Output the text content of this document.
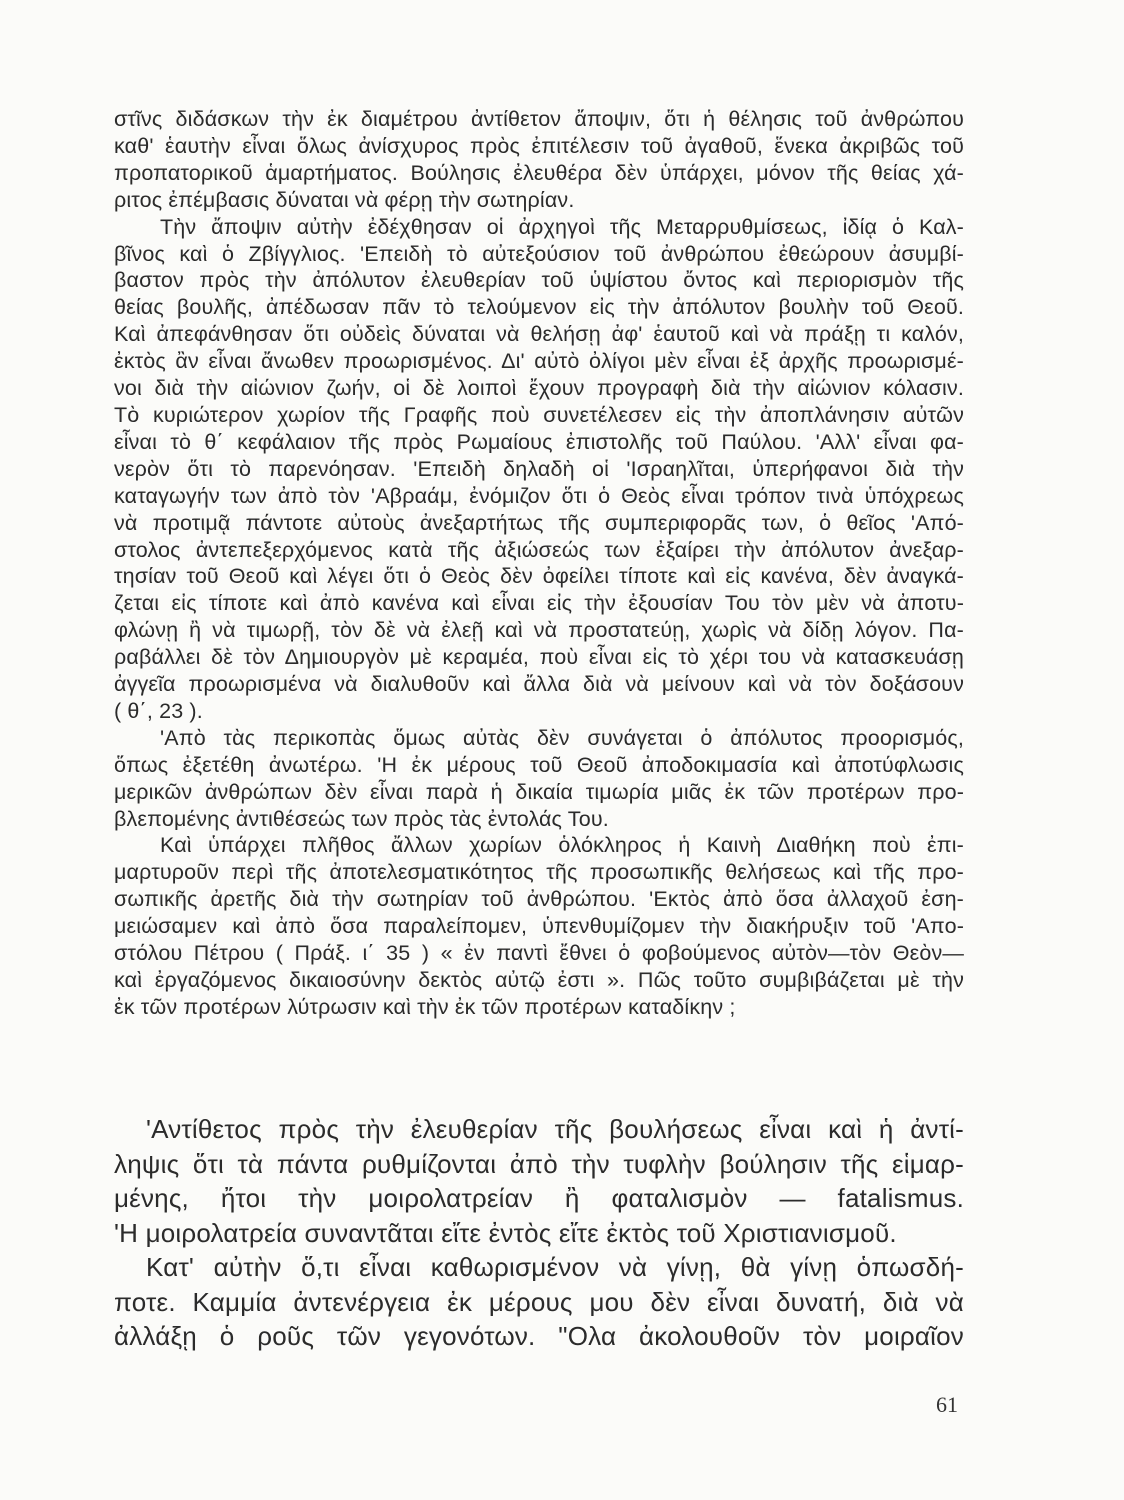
στῖνς διδάσκων τὴν ἐκ διαμέτρου ἀντίθετον ἄποψιν, ὅτι ἡ θέλησις τοῦ ἀνθρώπου
καθ' ἑαυτὴν εἶναι ὅλως ἀνίσχυρος πρὸς ἐπιτέλεσιν τοῦ ἀγαθοῦ, ἕνεκα ἀκριβῶς τοῦ
προπατορικοῦ ἁμαρτήματος. Βούλησις ἐλευθέρα δὲν ὑπάρχει, μόνον τῆς θείας χά-
ριτος ἐπέμβασις δύναται νὰ φέρῃ τὴν σωτηρίαν.
Τὴν ἄποψιν αὐτὴν ἐδέχθησαν οἱ ἀρχηγοὶ τῆς Μεταρρυθμίσεως, ἰδίᾳ ὁ Καλ-
βῖνος καὶ ὁ Ζβίγγλιος. 'Επειδὴ τὸ αὐτεξούσιον τοῦ ἀνθρώπου ἐθεώρουν ἀσυμβί-
βαστον πρὸς τὴν ἀπόλυτον ἐλευθερίαν τοῦ ὑψίστου ὄντος καὶ περιορισμὸν τῆς
θείας βουλῆς, ἀπέδωσαν πᾶν τὸ τελούμενον εἰς τὴν ἀπόλυτον βουλὴν τοῦ Θεοῦ.
Καὶ ἀπεφάνθησαν ὅτι οὐδεὶς δύναται νὰ θελήσῃ ἀφ' ἑαυτοῦ καὶ νὰ πράξῃ τι καλόν,
ἐκτὸς ἂν εἶναι ἄνωθεν προωρισμένος. Δι' αὐτὸ ὀλίγοι μὲν εἶναι ἐξ ἀρχῆς προωρισμέ-
νοι διὰ τὴν αἰώνιον ζωήν, οἱ δὲ λοιποὶ ἔχουν προγραφὴ διὰ τὴν αἰώνιον κόλασιν.
Τὸ κυριώτερον χωρίον τῆς Γραφῆς ποὺ συνετέλεσεν εἰς τὴν ἀποπλάνησιν αὐτῶν
εἶναι τὸ θ΄ κεφάλαιον τῆς πρὸς Ρωμαίους ἐπιστολῆς τοῦ Παύλου. 'Αλλ' εἶναι φα-
νερὸν ὅτι τὸ παρενόησαν. 'Επειδὴ δηλαδὴ οἱ 'Ισραηλῖται, ὑπερήφανοι διὰ τὴν
καταγωγήν των ἀπὸ τὸν 'Αβραάμ, ἐνόμιζον ὅτι ὁ Θεὸς εἶναι τρόπον τινὰ ὑπόχρεως
νὰ προτιμᾷ πάντοτε αὐτοὺς ἀνεξαρτήτως τῆς συμπεριφορᾶς των, ὁ θεῖος 'Από-
στολος ἀντεπεξερχόμενος κατὰ τῆς ἀξιώσεώς των ἐξαίρει τὴν ἀπόλυτον ἀνεξαρ-
τησίαν τοῦ Θεοῦ καὶ λέγει ὅτι ὁ Θεὸς δὲν ὀφείλει τίποτε καὶ εἰς κανένα, δὲν ἀναγκά-
ζεται εἰς τίποτε καὶ ἀπὸ κανένα καὶ εἶναι εἰς τὴν ἐξουσίαν Του τὸν μὲν νὰ ἀποτυ-
φλώνῃ ἢ νὰ τιμωρῇ, τὸν δὲ νὰ ἐλεῇ καὶ νὰ προστατεύῃ, χωρὶς νὰ δίδῃ λόγον. Πα-
ραβάλλει δὲ τὸν Δημιουργὸν μὲ κεραμέα, ποὺ εἶναι εἰς τὸ χέρι του νὰ κατασκευάσῃ
ἀγγεῖα προωρισμένα νὰ διαλυθοῦν καὶ ἄλλα διὰ νὰ μείνουν καὶ νὰ τὸν δοξάσουν
( θ΄, 23 ).
'Απὸ τὰς περικοπὰς ὅμως αὐτὰς δὲν συνάγεται ὁ ἀπόλυτος προορισμός,
ὅπως ἐξετέθη ἀνωτέρω. 'Η ἐκ μέρους τοῦ Θεοῦ ἀποδοκιμασία καὶ ἀποτύφλωσις
μερικῶν ἀνθρώπων δὲν εἶναι παρὰ ἡ δικαία τιμωρία μιᾶς ἐκ τῶν προτέρων προ-
βλεπομένης ἀντιθέσεώς των πρὸς τὰς ἐντολάς Του.
Καὶ ὑπάρχει πλῆθος ἄλλων χωρίων ὁλόκληρος ἡ Καινὴ Διαθήκη ποὺ ἐπι-
μαρτυροῦν περὶ τῆς ἀποτελεσματικότητος τῆς προσωπικῆς θελήσεως καὶ τῆς προ-
σωπικῆς ἀρετῆς διὰ τὴν σωτηρίαν τοῦ ἀνθρώπου. 'Εκτὸς ἀπὸ ὅσα ἀλλαχοῦ ἐση-
μειώσαμεν καὶ ἀπὸ ὅσα παραλείπομεν, ὑπενθυμίζομεν τὴν διακήρυξιν τοῦ 'Απο-
στόλου Πέτρου ( Πράξ. ι΄ 35 ) « ἐν παντὶ ἔθνει ὁ φοβούμενος αὐτὸν—τὸν Θεὸν—
καὶ ἐργαζόμενος δικαιοσύνην δεκτὸς αὐτῷ ἐστι ». Πῶς τοῦτο συμβιβάζεται μὲ τὴν
ἐκ τῶν προτέρων λύτρωσιν καὶ τὴν ἐκ τῶν προτέρων καταδίκην ;
'Αντίθετος πρὸς τὴν ἐλευθερίαν τῆς βουλήσεως εἶναι καὶ ἡ ἀντί-
ληψις ὅτι τὰ πάντα ρυθμίζονται ἀπὸ τὴν τυφλὴν βούλησιν τῆς εἱμαρ-
μένης, ἤτοι τὴν μοιρολατρείαν ἢ φαταλισμὸν — fatalismus.
'Η μοιρολατρεία συναντᾶται εἴτε ἐντὸς εἴτε ἐκτὸς τοῦ Χριστιανισμοῦ.
Κατ' αὐτὴν ὅ,τι εἶναι καθωρισμένον νὰ γίνῃ, θὰ γίνῃ ὁπωσδή-
ποτε. Καμμία ἀντενέργεια ἐκ μέρους μου δὲν εἶναι δυνατή, διὰ νὰ
ἀλλάξῃ ὁ ροῦς τῶν γεγονότων. "Ολα ἀκολουθοῦν τὸν μοιραῖον
61
